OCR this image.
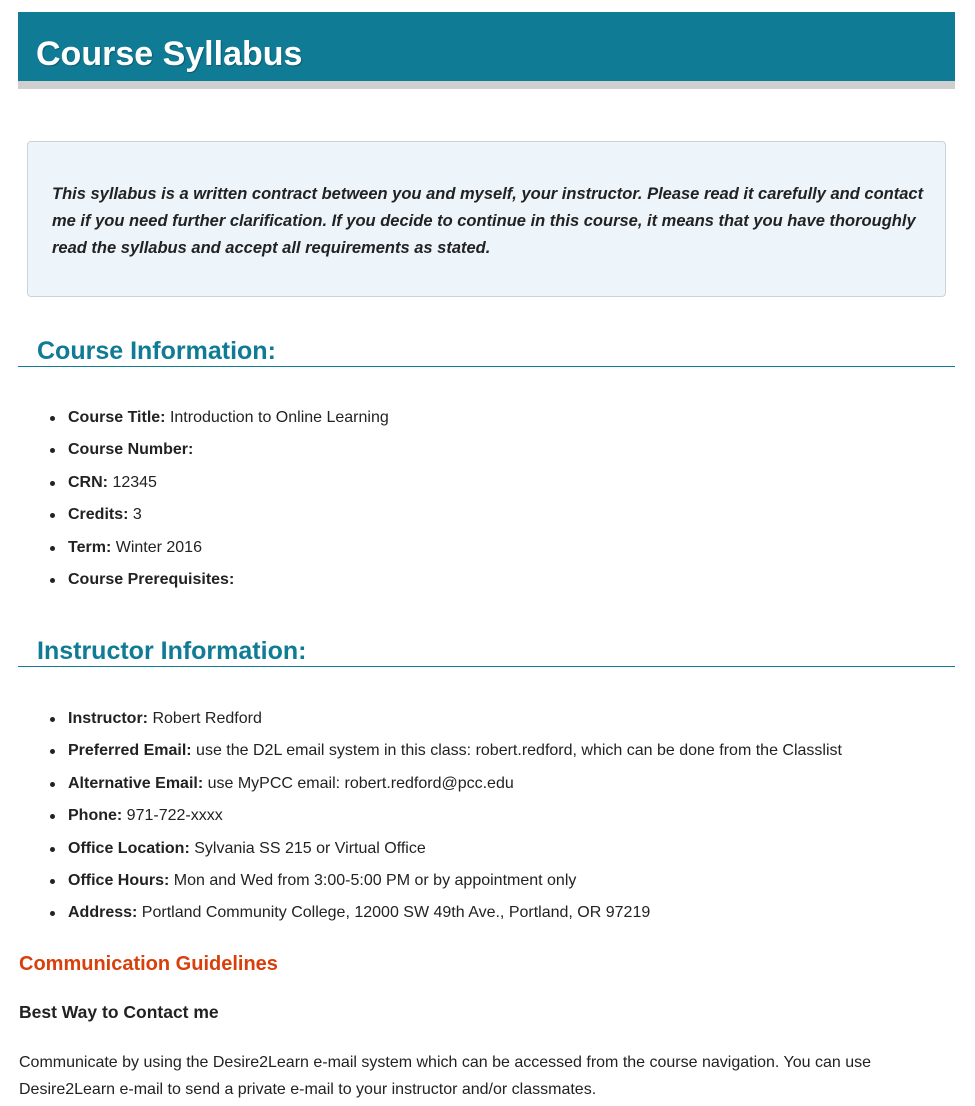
Course Syllabus

This syllabus is a written contract between you and myself, your instructor. Please read it carefully and contact me if you need further clarification. If you decide to continue in this course, it means that you have thoroughly read the syllabus and accept all requirements as stated.

Course Information:
Course Title: Introduction to Online Learning
Course Number:
CRN: 12345
Credits: 3
Term: Winter 2016
Course Prerequisites:
Instructor Information:
Instructor: Robert Redford
Preferred Email: use the D2L email system in this class: robert.redford, which can be done from the Classlist
Alternative Email: use MyPCC email: robert.redford@pcc.edu
Phone: 971-722-xxxx
Office Location: Sylvania SS 215 or Virtual Office
Office Hours: Mon and Wed from 3:00-5:00 PM or by appointment only
Address: Portland Community College, 12000 SW 49th Ave., Portland, OR 97219
Communication Guidelines
Best Way to Contact me

Communicate by using the Desire2Learn e-mail system which can be accessed from the course navigation. You can use Desire2Learn e-mail to send a private e-mail to your instructor and/or classmates.
